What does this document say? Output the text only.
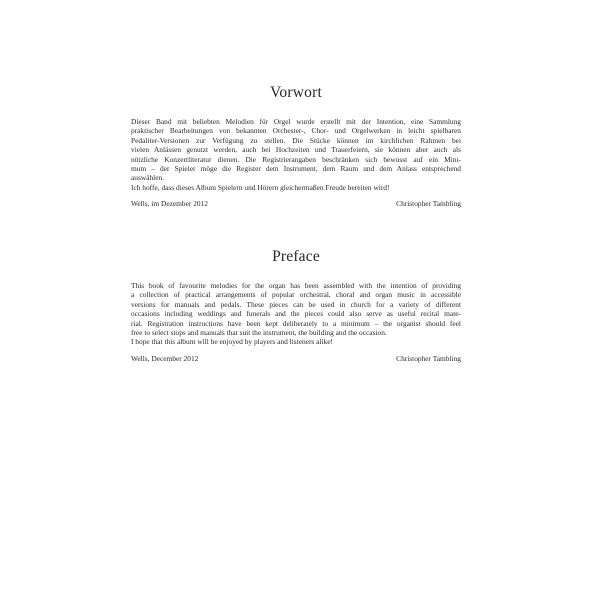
Vorwort

Dieser Band mit beliebten Melodien für Orgel wurde erstellt mit der Intention, eine Sammlung
praktischer Bearbeitungen von bekannten Orchester-, Chor- und Orgelwerken in leicht spielbaren
Pedaliter-Versionen zur Verfügung zu stellen. Die Stücke können im kirchlichen Rahmen bei
vielen Anlässen genutzt werden, auch bei Hochzeiten und Trauerfeiern, sie können aber auch als
nützliche Konzertliteratur dienen. Die Registrierangaben beschränken sich bewusst auf ein Mini-
mum – der Spieler möge die Register dem Instrument, dem Raum und dem Anlass entsprechend
auswählen.
Ich hoffe, dass dieses Album Spielern und Hörern gleichermaßen Freude bereiten wird!

Wells, im Dezember 2012	Christopher Tambling
Preface

This book of favourite melodies for the organ has been assembled with the intention of providing
a collection of practical arrangements of popular orchestral, choral and organ music in accessible
versions for manuals and pedals. These pieces can be used in church for a variety of different
occasions including weddings and funerals and the pieces could also serve as useful recital mate-
rial. Registration instructions have been kept deliberately to a minimum – the organist should feel
free to select stops and manuals that suit the instrument, the building and the occasion.
I hope that this album will be enjoyed by players and listeners alike!

Wells, December 2012	Christopher Tambling
